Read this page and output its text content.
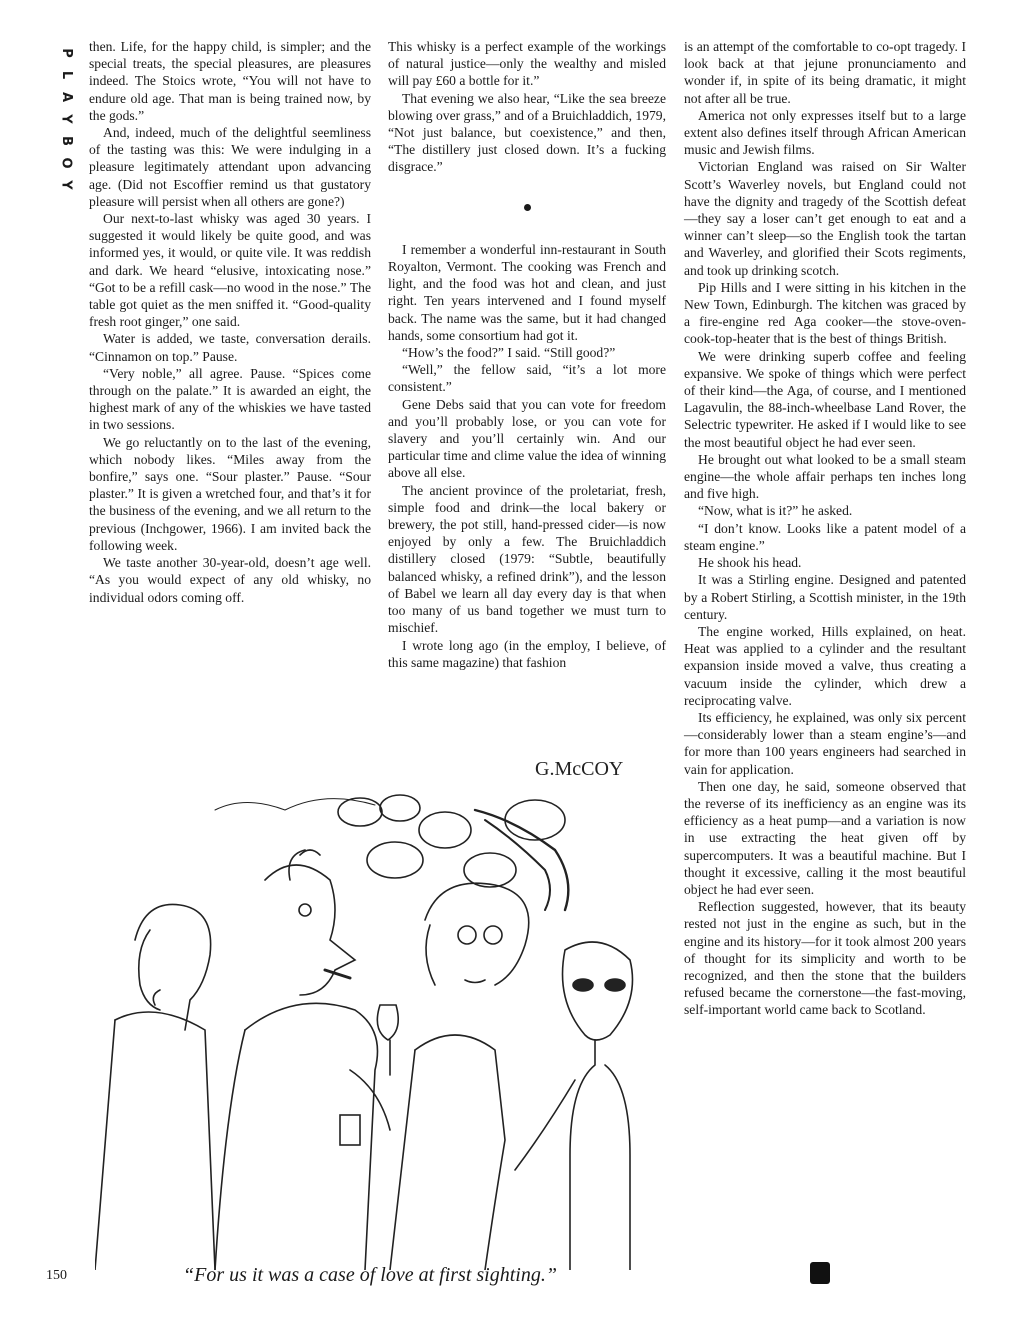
P
L
A
Y
B
O
Y

then. Life, for the happy child, is simpler; and the special treats, the special pleasures, are pleasures indeed. The Stoics wrote, “You will not have to endure old age. That man is being trained now, by the gods.”

And, indeed, much of the delightful seemliness of the tasting was this: We were indulging in a pleasure legitimately attendant upon advancing age. (Did not Escoffier remind us that gustatory pleasure will persist when all others are gone?)

Our next-to-last whisky was aged 30 years. I suggested it would likely be quite good, and was informed yes, it would, or quite vile. It was reddish and dark. We heard “elusive, intoxicating nose.” “Got to be a refill cask—no wood in the nose.” The table got quiet as the men sniffed it. “Good-quality fresh root ginger,” one said.

Water is added, we taste, conversation derails. “Cinnamon on top.” Pause.

“Very noble,” all agree. Pause. “Spices come through on the palate.” It is awarded an eight, the highest mark of any of the whiskies we have tasted in two sessions.

We go reluctantly on to the last of the evening, which nobody likes. “Miles away from the bonfire,” says one. “Sour plaster.” Pause. “Sour plaster.” It is given a wretched four, and that’s it for the business of the evening, and we all return to the previous (Inchgower, 1966). I am invited back the following week.

We taste another 30-year-old, doesn’t age well. “As you would expect of any old whisky, no individual odors coming off.

This whisky is a perfect example of the workings of natural justice—only the wealthy and misled will pay £60 a bottle for it.”

That evening we also hear, “Like the sea breeze blowing over grass,” and of a Bruichladdich, 1979, “Not just balance, but coexistence,” and then, “The distillery just closed down. It’s a fucking disgrace.”

I remember a wonderful inn-restaurant in South Royalton, Vermont. The cooking was French and light, and the food was hot and clean, and just right. Ten years intervened and I found myself back. The name was the same, but it had changed hands, some consortium had got it.

“How’s the food?” I said. “Still good?”

“Well,” the fellow said, “it’s a lot more consistent.”

Gene Debs said that you can vote for freedom and you’ll probably lose, or you can vote for slavery and you’ll certainly win. And our particular time and clime value the idea of winning above all else.

The ancient province of the proletariat, fresh, simple food and drink—the local bakery or brewery, the pot still, hand-pressed cider—is now enjoyed by only a few. The Bruichladdich distillery closed (1979: “Subtle, beautifully balanced whisky, a refined drink”), and the lesson of Babel we learn all day every day is that when too many of us band together we must turn to mischief.

I wrote long ago (in the employ, I believe, of this same magazine) that fashion

is an attempt of the comfortable to co-opt tragedy. I look back at that jejune pronunciamento and wonder if, in spite of its being dramatic, it might not after all be true.

America not only expresses itself but to a large extent also defines itself through African American music and Jewish films.

Victorian England was raised on Sir Walter Scott’s Waverley novels, but England could not have the dignity and tragedy of the Scottish defeat—they say a loser can’t get enough to eat and a winner can’t sleep—so the English took the tartan and Waverley, and glorified their Scots regiments, and took up drinking scotch.

Pip Hills and I were sitting in his kitchen in the New Town, Edinburgh. The kitchen was graced by a fire-engine red Aga cooker—the stove-oven-cook-top-heater that is the best of things British.

We were drinking superb coffee and feeling expansive. We spoke of things which were perfect of their kind—the Aga, of course, and I mentioned Lagavulin, the 88-inch-wheelbase Land Rover, the Selectric typewriter. He asked if I would like to see the most beautiful object he had ever seen.

He brought out what looked to be a small steam engine—the whole affair perhaps ten inches long and five high.

“Now, what is it?” he asked.

“I don’t know. Looks like a patent model of a steam engine.”

He shook his head.

It was a Stirling engine. Designed and patented by a Robert Stirling, a Scottish minister, in the 19th century.

The engine worked, Hills explained, on heat. Heat was applied to a cylinder and the resultant expansion inside moved a valve, thus creating a vacuum inside the cylinder, which drew a reciprocating valve.

Its efficiency, he explained, was only six percent—considerably lower than a steam engine’s—and for more than 100 years engineers had searched in vain for application.

Then one day, he said, someone observed that the reverse of its inefficiency as an engine was its efficiency as a heat pump—and a variation is now in use extracting the heat given off by supercomputers. It was a beautiful machine. But I thought it excessive, calling it the most beautiful object he had ever seen.

Reflection suggested, however, that its beauty rested not just in the engine as such, but in the engine and its history—for it took almost 200 years of thought for its simplicity and worth to be recognized, and then the stone that the builders refused became the cornerstone—the fast-moving, self-important world came back to Scotland.

G.McCOY
“For us it was a case of love at first sighting.”
150
